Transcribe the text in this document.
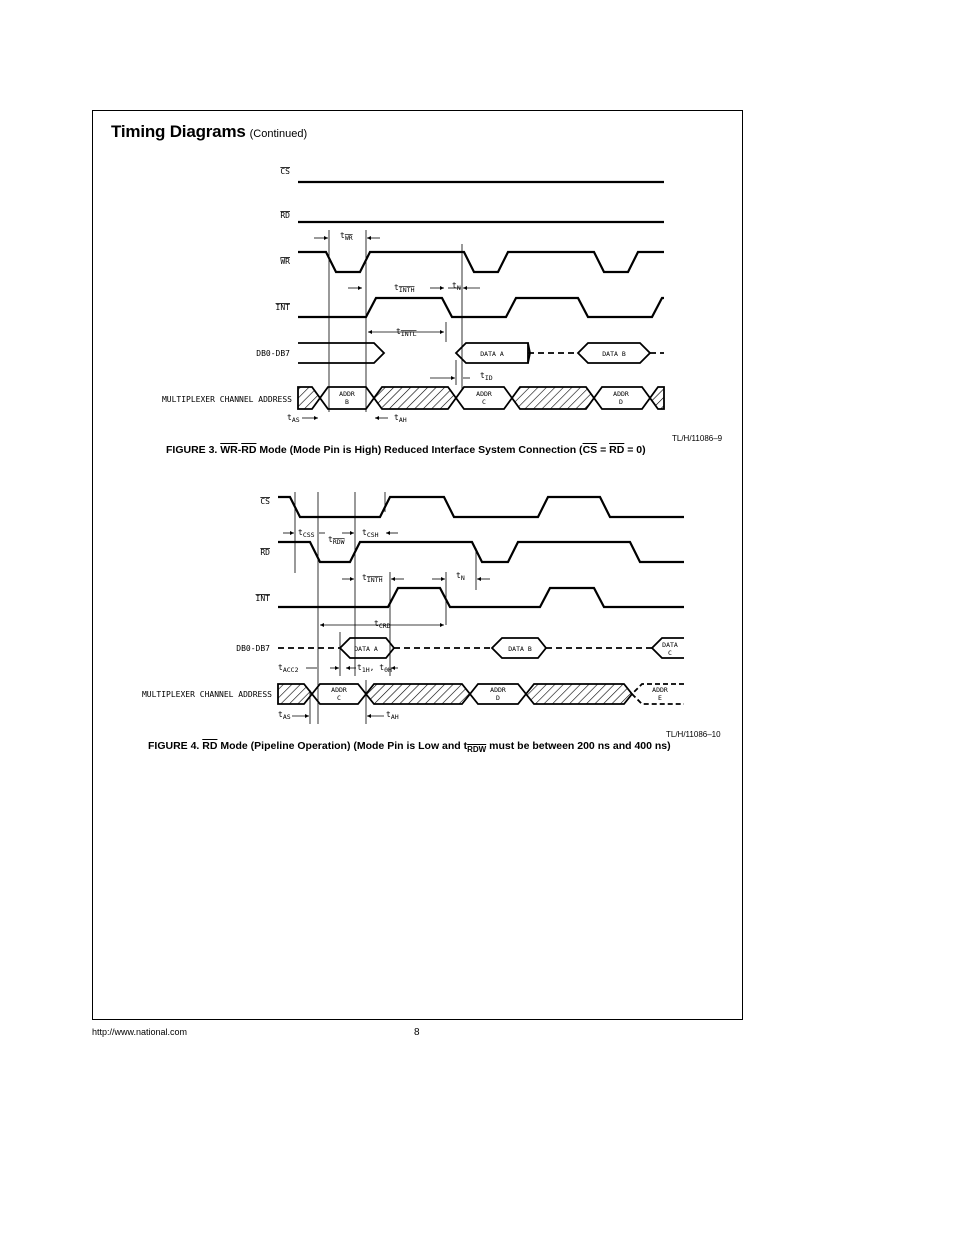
Timing Diagrams (Continued)
CS
RD
WR
INT
DB0-DB7
MULTIPLEXER CHANNEL ADDRESS
DATA A	DATA B
ADDR
B
ADDR
C
ADDR
D
$t_{WR}$
$t_{INTH}$	$t_N$
$t_{INTL}$
$t_{ID}$
$t_{AS}$	$t_{AH}$
CS
RD
INT
DB0-DB7
MULTIPLEXER CHANNEL ADDRESS
DATA A	DATA B	DATA
C
ADDR
C
ADDR
D
ADDR
E
$t_{CSS}$	$t_{CSH}$
$t_{RDW}$
$t_{INTH}$	$t_N$
$t_{CRD}$
$t_{ACC2}$	$t_{1H}$, $t_{0H}$
$t_{AS}$	$t_{AH}$
TL/H/11086–9
FIGURE 3. $\overline{WR}-\overline{RD}$ Mode (Mode Pin is High) Reduced Interface System Connection $(\overline{CS} = \overline{RD} = 0)$
TL/H/11086–10
FIGURE 4. $\overline{RD}$ Mode (Pipeline Operation) (Mode Pin is Low and $t_{\overline{RDW}}$ must be between 200 ns and 400 ns)
http://www.national.com	8
